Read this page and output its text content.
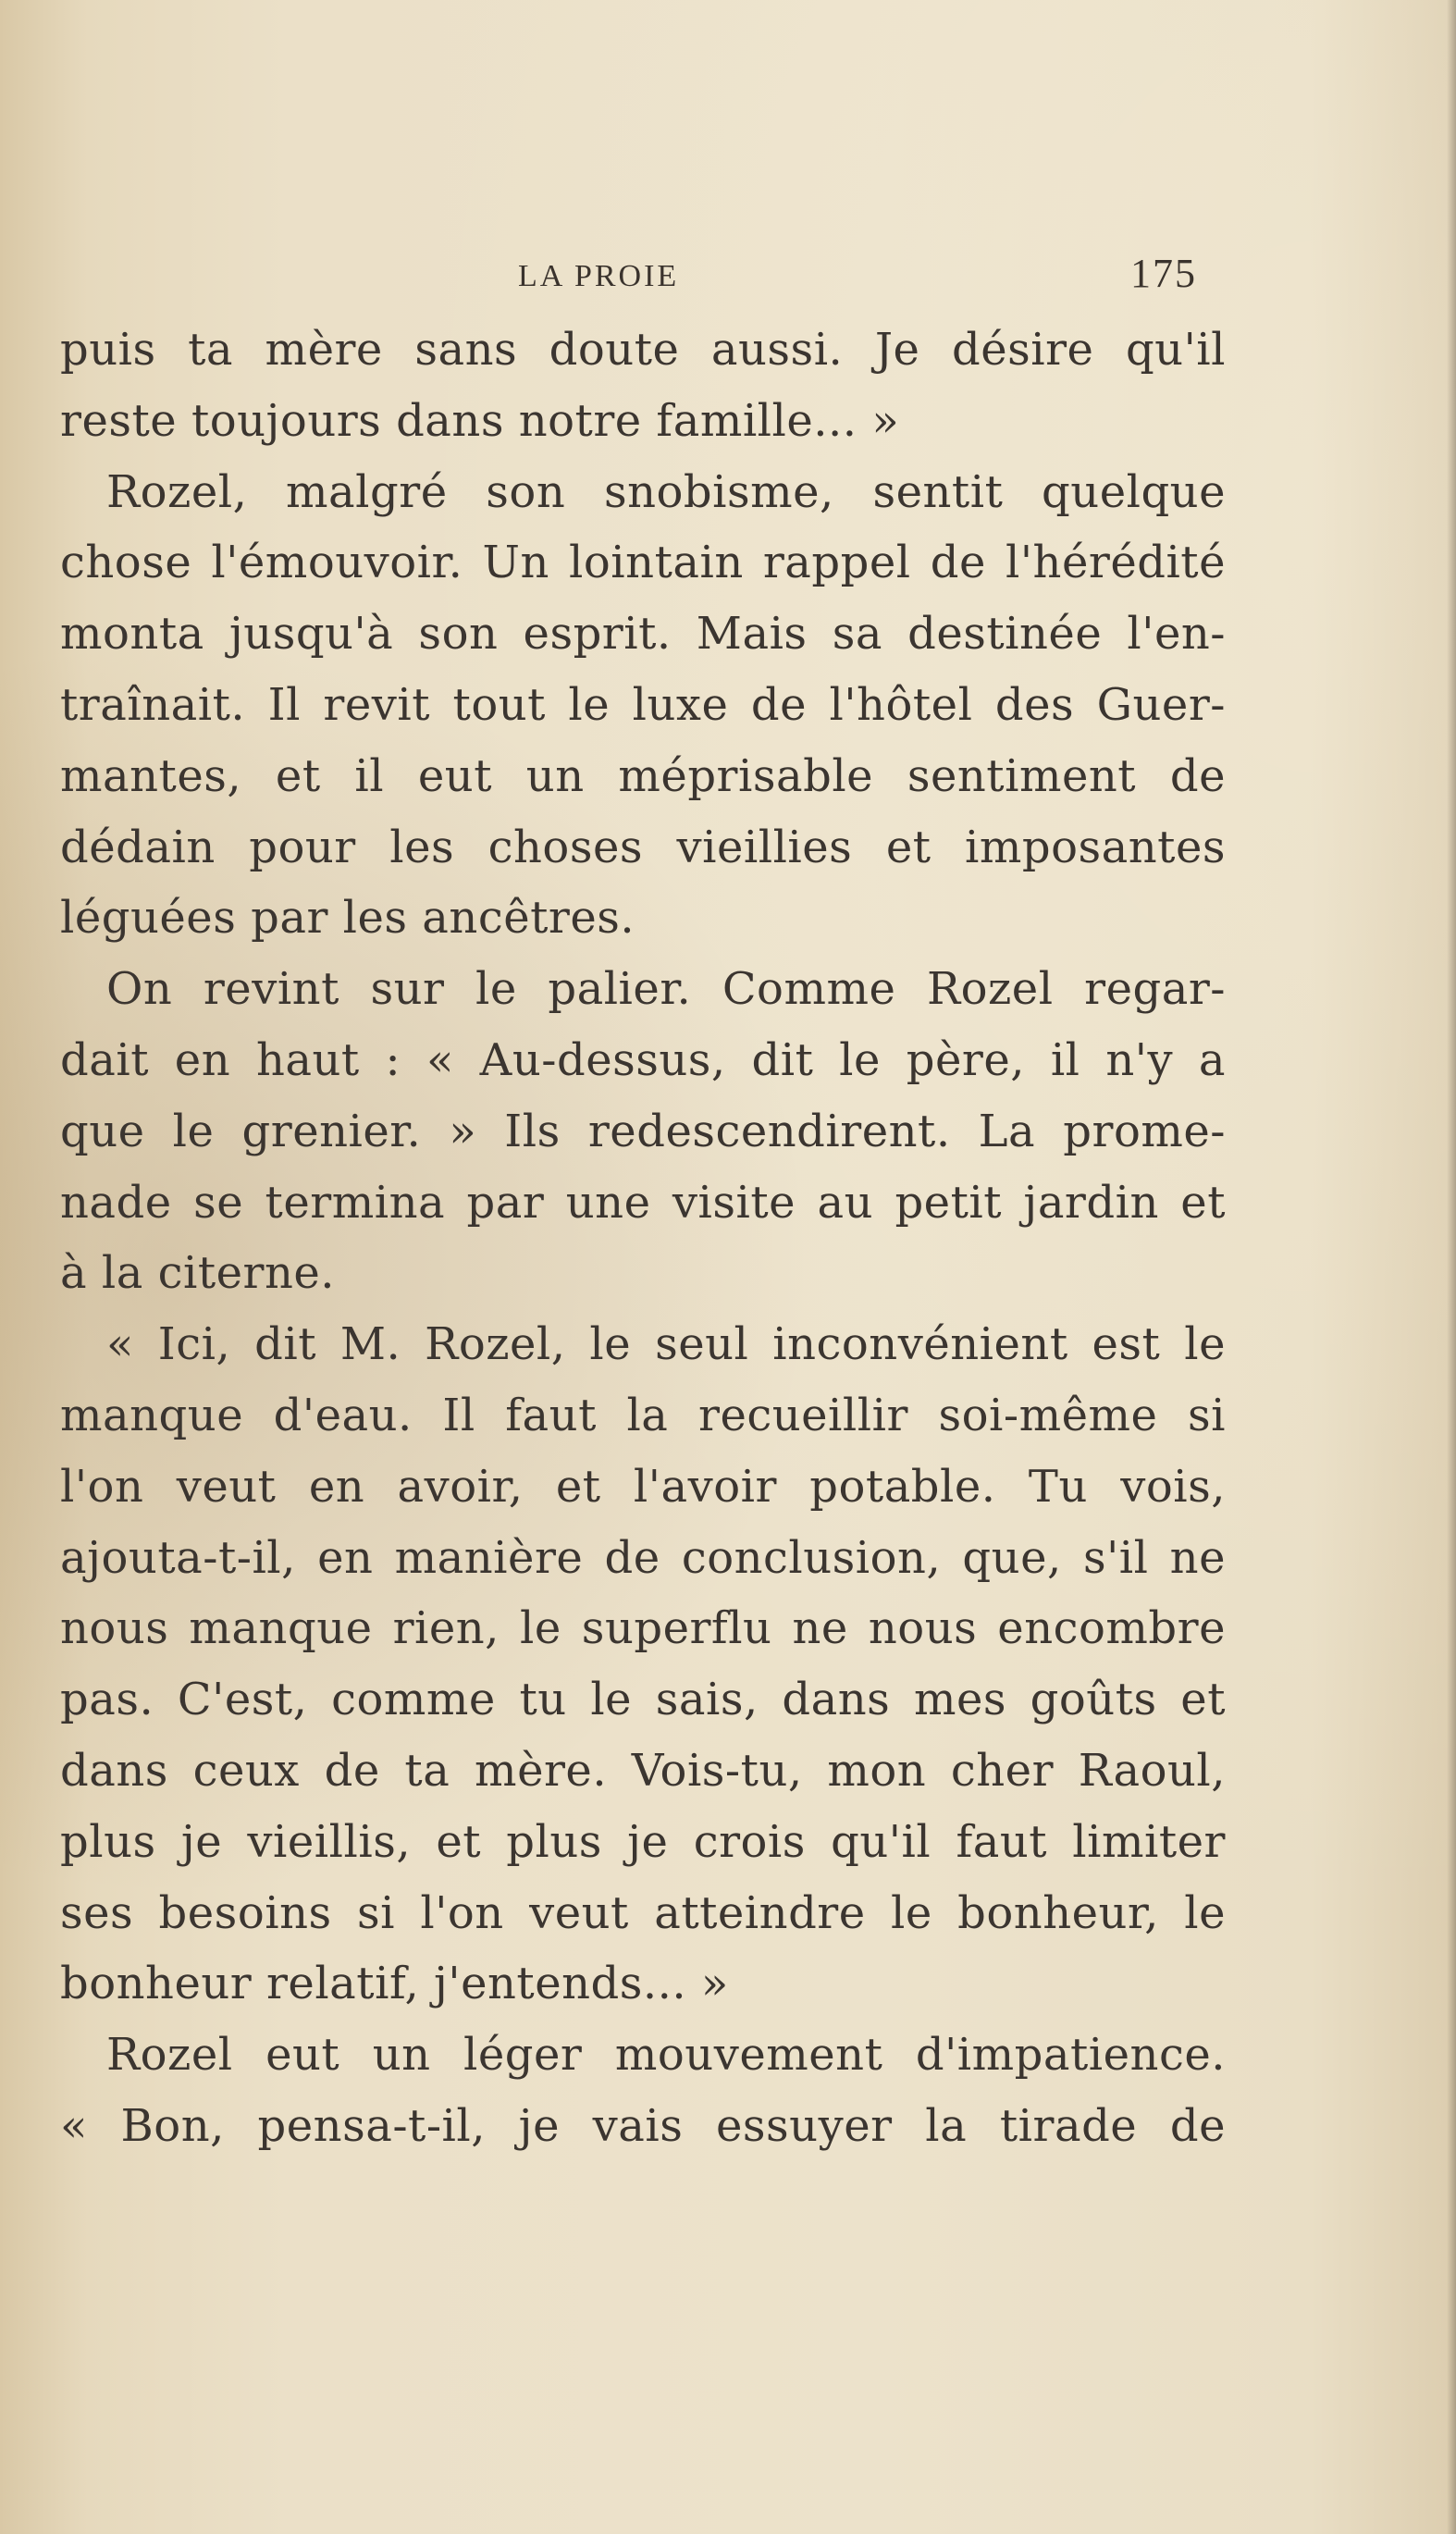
LA PROIE	175
puis ta mère sans doute aussi. Je désire qu'il
reste toujours dans notre famille... »
Rozel, malgré son snobisme, sentit quelque
chose l'émouvoir. Un lointain rappel de l'hérédité
monta jusqu'à son esprit. Mais sa destinée l'en-
traînait. Il revit tout le luxe de l'hôtel des Guer-
mantes, et il eut un méprisable sentiment de
dédain pour les choses vieillies et imposantes
léguées par les ancêtres.
On revint sur le palier. Comme Rozel regar-
dait en haut : « Au-dessus, dit le père, il n'y a
que le grenier. » Ils redescendirent. La prome-
nade se termina par une visite au petit jardin et
à la citerne.
« Ici, dit M. Rozel, le seul inconvénient est le
manque d'eau. Il faut la recueillir soi-même si
l'on veut en avoir, et l'avoir potable. Tu vois,
ajouta-t-il, en manière de conclusion, que, s'il ne
nous manque rien, le superflu ne nous encombre
pas. C'est, comme tu le sais, dans mes goûts et
dans ceux de ta mère. Vois-tu, mon cher Raoul,
plus je vieillis, et plus je crois qu'il faut limiter
ses besoins si l'on veut atteindre le bonheur, le
bonheur relatif, j'entends... »
Rozel eut un léger mouvement d'impatience.
« Bon, pensa-t-il, je vais essuyer la tirade de
